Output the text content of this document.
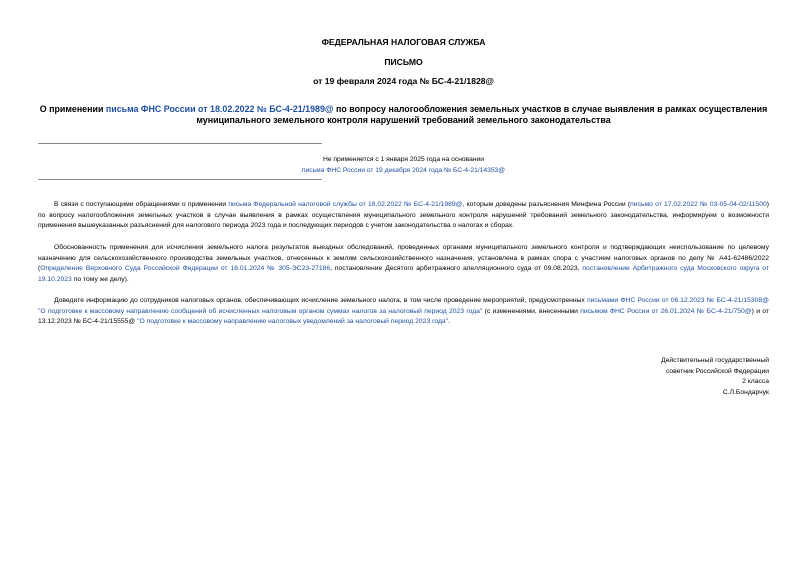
ФЕДЕРАЛЬНАЯ НАЛОГОВАЯ СЛУЖБА
ПИСЬМО
от 19 февраля 2024 года № БС-4-21/1828@
О применении письма ФНС России от 18.02.2022 № БС-4-21/1989@ по вопросу налогообложения земельных участков в случае выявления в рамках осуществления муниципального земельного контроля нарушений требований земельного законодательства
Не применяется с 1 января 2025 года на основании
письма ФНС России от 19 декабря 2024 года № БС-4-21/14353@

В связи с поступающими обращениями о применении письма Федеральной налоговой службы от 18.02.2022 № БС-4-21/1989@, которым доведены разъяснения Минфина России (письмо от 17.02.2022 № 03-05-04-02/11500) по вопросу налогообложения земельных участков в случае выявления в рамках осуществления муниципального земельного контроля нарушений требований земельного законодательства, информируем о возможности применения вышеуказанных разъяснений для налогового периода 2023 года и последующих периодов с учетом законодательства о налогах и сборах.

Обоснованность применения для исчисления земельного налога результатов выездных обследований, проведенных органами муниципального земельного контроля и подтверждающих неиспользование по целевому назначению для сельскохозяйственного производства земельных участков, отнесенных к землям сельскохозяйственного назначения, установлена в рамках спора с участием налоговых органов по делу № А41-62486/2022 (Определение Верховного Суда Российской Федерации от 16.01.2024 № 305-ЭС23-27186, постановление Десятого арбитражного апелляционного суда от 09.08.2023, постановление Арбитражного суда Московского округа от 19.10.2023 по тому же делу).

Доведите информацию до сотрудников налоговых органов, обеспечивающих исчисление земельного налога, в том числе проведение мероприятий, предусмотренных письмами ФНС России от 06.12.2023 № БС-4-21/15308@ "О подготовке к массовому направлению сообщений об исчисленных налоговым органом суммах налогов за налоговый период 2023 года" (с изменениями, внесенными письмом ФНС России от 26.01.2024 № БС-4-21/750@) и от 13.12.2023 № БС-4-21/15555@ "О подготовке к массовому направлению налоговых уведомлений за налоговый период 2023 года".

Действительный государственный
советник Российской Федерации
2 класса
С.Л.Бондарчук
